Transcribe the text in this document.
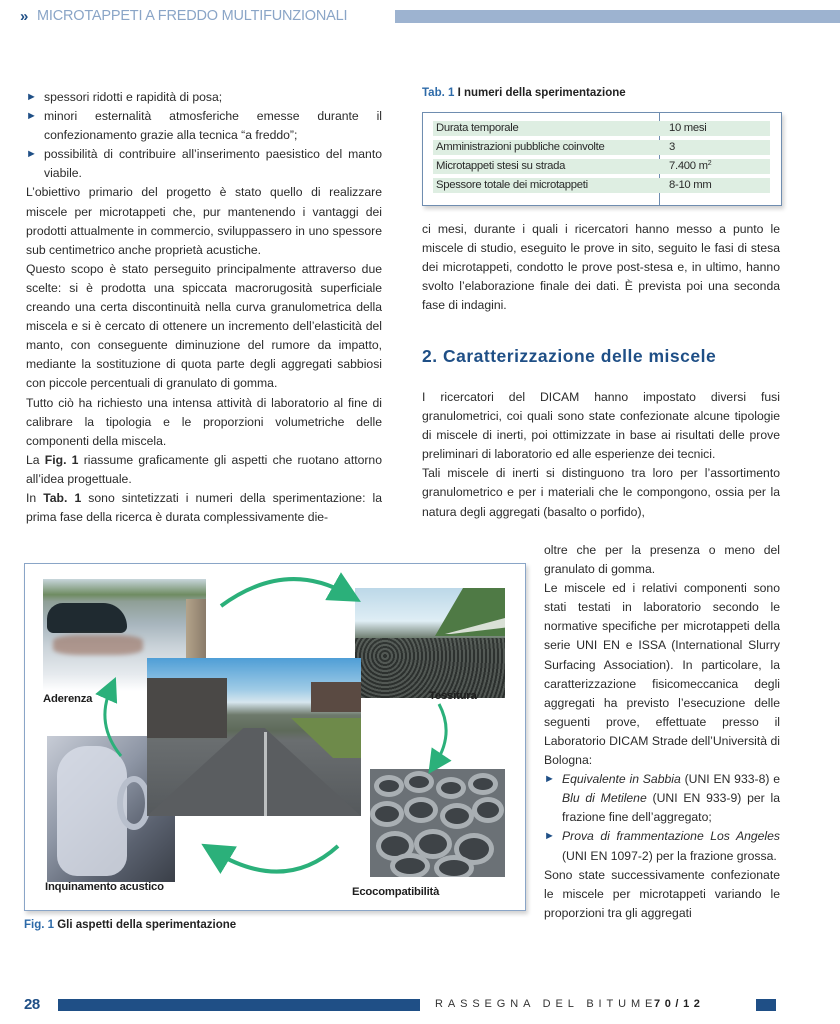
» MICROTAPPETI A FREDDO MULTIFUNZIONALI
► spessori ridotti e rapidità di posa;
► minori esternalità atmosferiche emesse durante il confezionamento grazie alla tecnica “a freddo”;
► possibilità di contribuire all’inserimento paesistico del manto viabile.

L’obiettivo primario del progetto è stato quello di realizzare miscele per microtappeti che, pur mantenendo i vantaggi dei prodotti attualmente in commercio, sviluppassero in uno spessore sub centimetrico anche proprietà acustiche.

Questo scopo è stato perseguito principalmente attraverso due scelte: si è prodotta una spiccata macrorugosità superficiale creando una certa discontinuità nella curva granulometrica della miscela e si è cercato di ottenere un incremento dell’elasticità del manto, con conseguente diminuzione del rumore da impatto, mediante la sostituzione di quota parte degli aggregati sabbiosi con piccole percentuali di granulato di gomma.

Tutto ciò ha richiesto una intensa attività di laboratorio al fine di calibrare la tipologia e le proporzioni volumetriche delle componenti della miscela.

La Fig. 1 riassume graficamente gli aspetti che ruotano attorno all’idea progettuale.

In Tab. 1 sono sintetizzati i numeri della sperimentazione: la prima fase della ricerca è durata complessivamente die-

Tab. 1 I numeri della sperimentazione
Durata temporale	10 mesi
Amministrazioni pubbliche coinvolte	3
Microtappeti stesi su strada	7.400 $m^2$
Spessore totale dei microtappeti	8-10 mm

ci mesi, durante i quali i ricercatori hanno messo a punto le miscele di studio, eseguito le prove in sito, seguito le fasi di stesa dei microtappeti, condotto le prove post-stesa e, in ultimo, hanno svolto l’elaborazione finale dei dati. È prevista poi una seconda fase di indagini.

2. Caratterizzazione delle miscele

I ricercatori del DICAM hanno impostato diversi fusi granulometrici, coi quali sono state confezionate alcune tipologie di miscele di inerti, poi ottimizzate in base ai risultati delle prove preliminari di laboratorio ed alle esperienze dei tecnici.

Tali miscele di inerti si distinguono tra loro per l’assortimento granulometrico e per i materiali che le compongono, ossia per la natura degli aggregati (basalto o porfido),

oltre che per la presenza o meno del granulato di gomma.

Le miscele ed i relativi componenti sono stati testati in laboratorio secondo le normative specifiche per microtappeti della serie UNI EN e ISSA (International Slurry Surfacing Association). In particolare, la caratterizzazione fisicomeccanica degli aggregati ha previsto l’esecuzione delle seguenti prove, effettuate presso il Laboratorio DICAM Strade dell’Università di Bologna:

► Equivalente in Sabbia (UNI EN 933-8) e Blu di Metilene (UNI EN 933-9) per la frazione fine dell’aggregato;
► Prova di frammentazione Los Angeles (UNI EN 1097-2) per la frazione grossa.

Sono state successivamente confezionate le miscele per microtappeti variando le proporzioni tra gli aggregati

Aderenza	Tessitura
Inquinamento acustico	Ecocompatibilità
Fig. 1 Gli aspetti della sperimentazione
28	RASSEGNA DEL BITUME
70/12
